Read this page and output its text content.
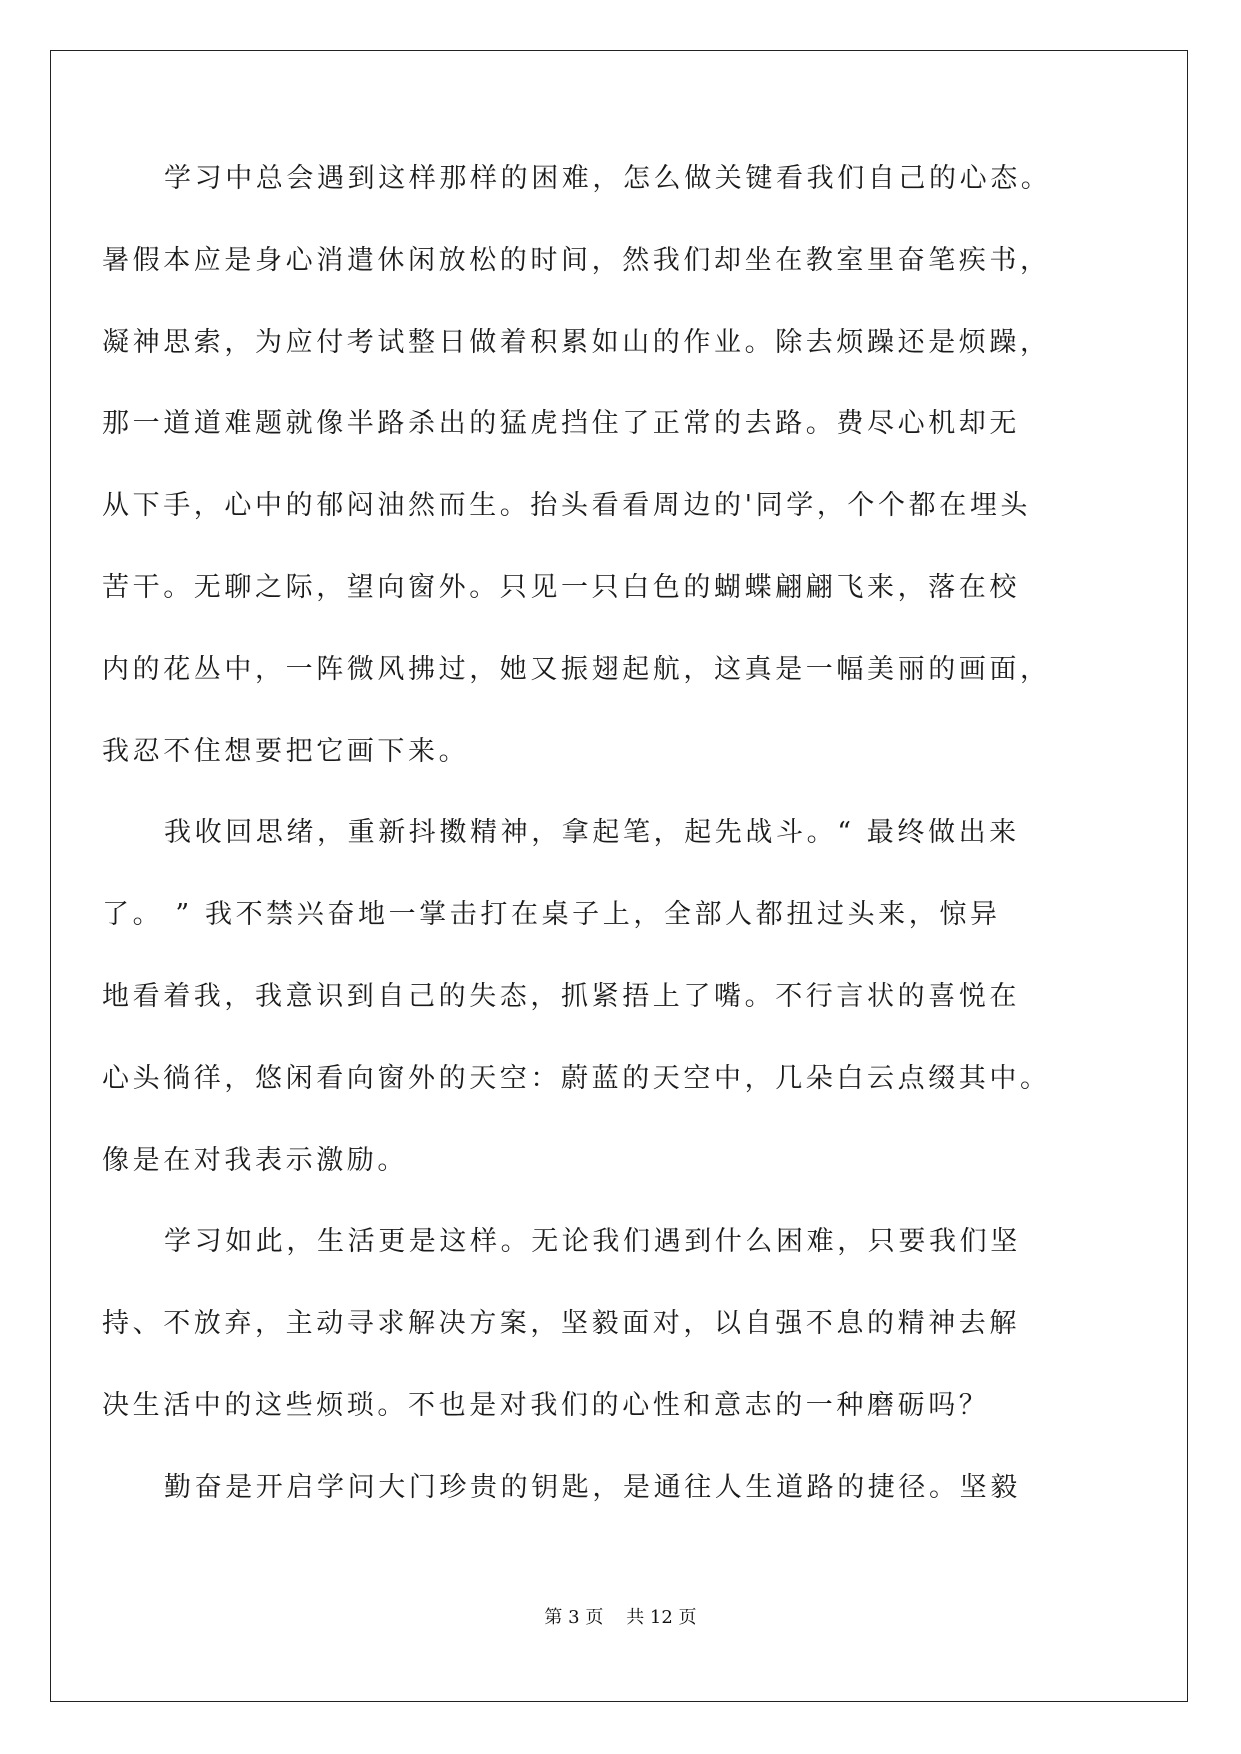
学习中总会遇到这样那样的困难，怎么做关键看我们自己的心态。
暑假本应是身心消遣休闲放松的时间，然我们却坐在教室里奋笔疾书，
凝神思索，为应付考试整日做着积累如山的作业。除去烦躁还是烦躁，
那一道道难题就像半路杀出的猛虎挡住了正常的去路。费尽心机却无
从下手，心中的郁闷油然而生。抬头看看周边的'同学，个个都在埋头
苦干。无聊之际，望向窗外。只见一只白色的蝴蝶翩翩飞来，落在校
内的花丛中，一阵微风拂过，她又振翅起航，这真是一幅美丽的画面，
我忍不住想要把它画下来。
我收回思绪，重新抖擞精神，拿起笔，起先战斗。“ 最终做出来
了。 ” 我不禁兴奋地一掌击打在桌子上，全部人都扭过头来，惊异
地看着我，我意识到自己的失态，抓紧捂上了嘴。不行言状的喜悦在
心头徜徉，悠闲看向窗外的天空：蔚蓝的天空中，几朵白云点缀其中。
像是在对我表示激励。
学习如此，生活更是这样。无论我们遇到什么困难，只要我们坚
持、不放弃，主动寻求解决方案，坚毅面对，以自强不息的精神去解
决生活中的这些烦琐。不也是对我们的心性和意志的一种磨砺吗？
勤奋是开启学问大门珍贵的钥匙，是通往人生道路的捷径。坚毅
第 3 页    共 12 页
